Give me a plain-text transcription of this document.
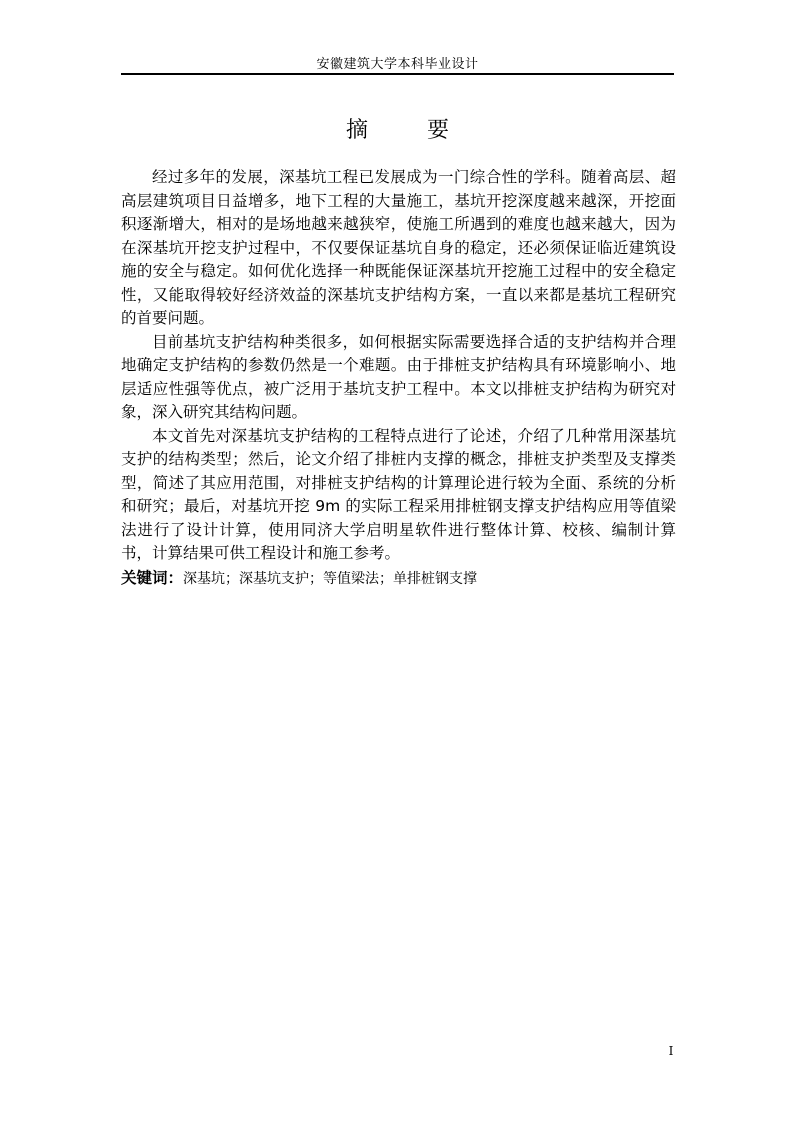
安徽建筑大学本科毕业设计
摘 要

经过多年的发展，深基坑工程已发展成为一门综合性的学科。随着高层、超高层建筑项目日益增多，地下工程的大量施工，基坑开挖深度越来越深，开挖面积逐渐增大，相对的是场地越来越狭窄，使施工所遇到的难度也越来越大，因为在深基坑开挖支护过程中，不仅要保证基坑自身的稳定，还必须保证临近建筑设施的安全与稳定。如何优化选择一种既能保证深基坑开挖施工过程中的安全稳定性，又能取得较好经济效益的深基坑支护结构方案，一直以来都是基坑工程研究的首要问题。

目前基坑支护结构种类很多，如何根据实际需要选择合适的支护结构并合理地确定支护结构的参数仍然是一个难题。由于排桩支护结构具有环境影响小、地层适应性强等优点，被广泛用于基坑支护工程中。本文以排桩支护结构为研究对象，深入研究其结构问题。

本文首先对深基坑支护结构的工程特点进行了论述，介绍了几种常用深基坑支护的结构类型；然后，论文介绍了排桩内支撑的概念，排桩支护类型及支撑类型，简述了其应用范围，对排桩支护结构的计算理论进行较为全面、系统的分析和研究；最后，对基坑开挖 9m 的实际工程采用排桩钢支撑支护结构应用等值梁法进行了设计计算，使用同济大学启明星软件进行整体计算、校核、编制计算书，计算结果可供工程设计和施工参考。

关键词：深基坑；深基坑支护；等值梁法；单排桩钢支撑

I
